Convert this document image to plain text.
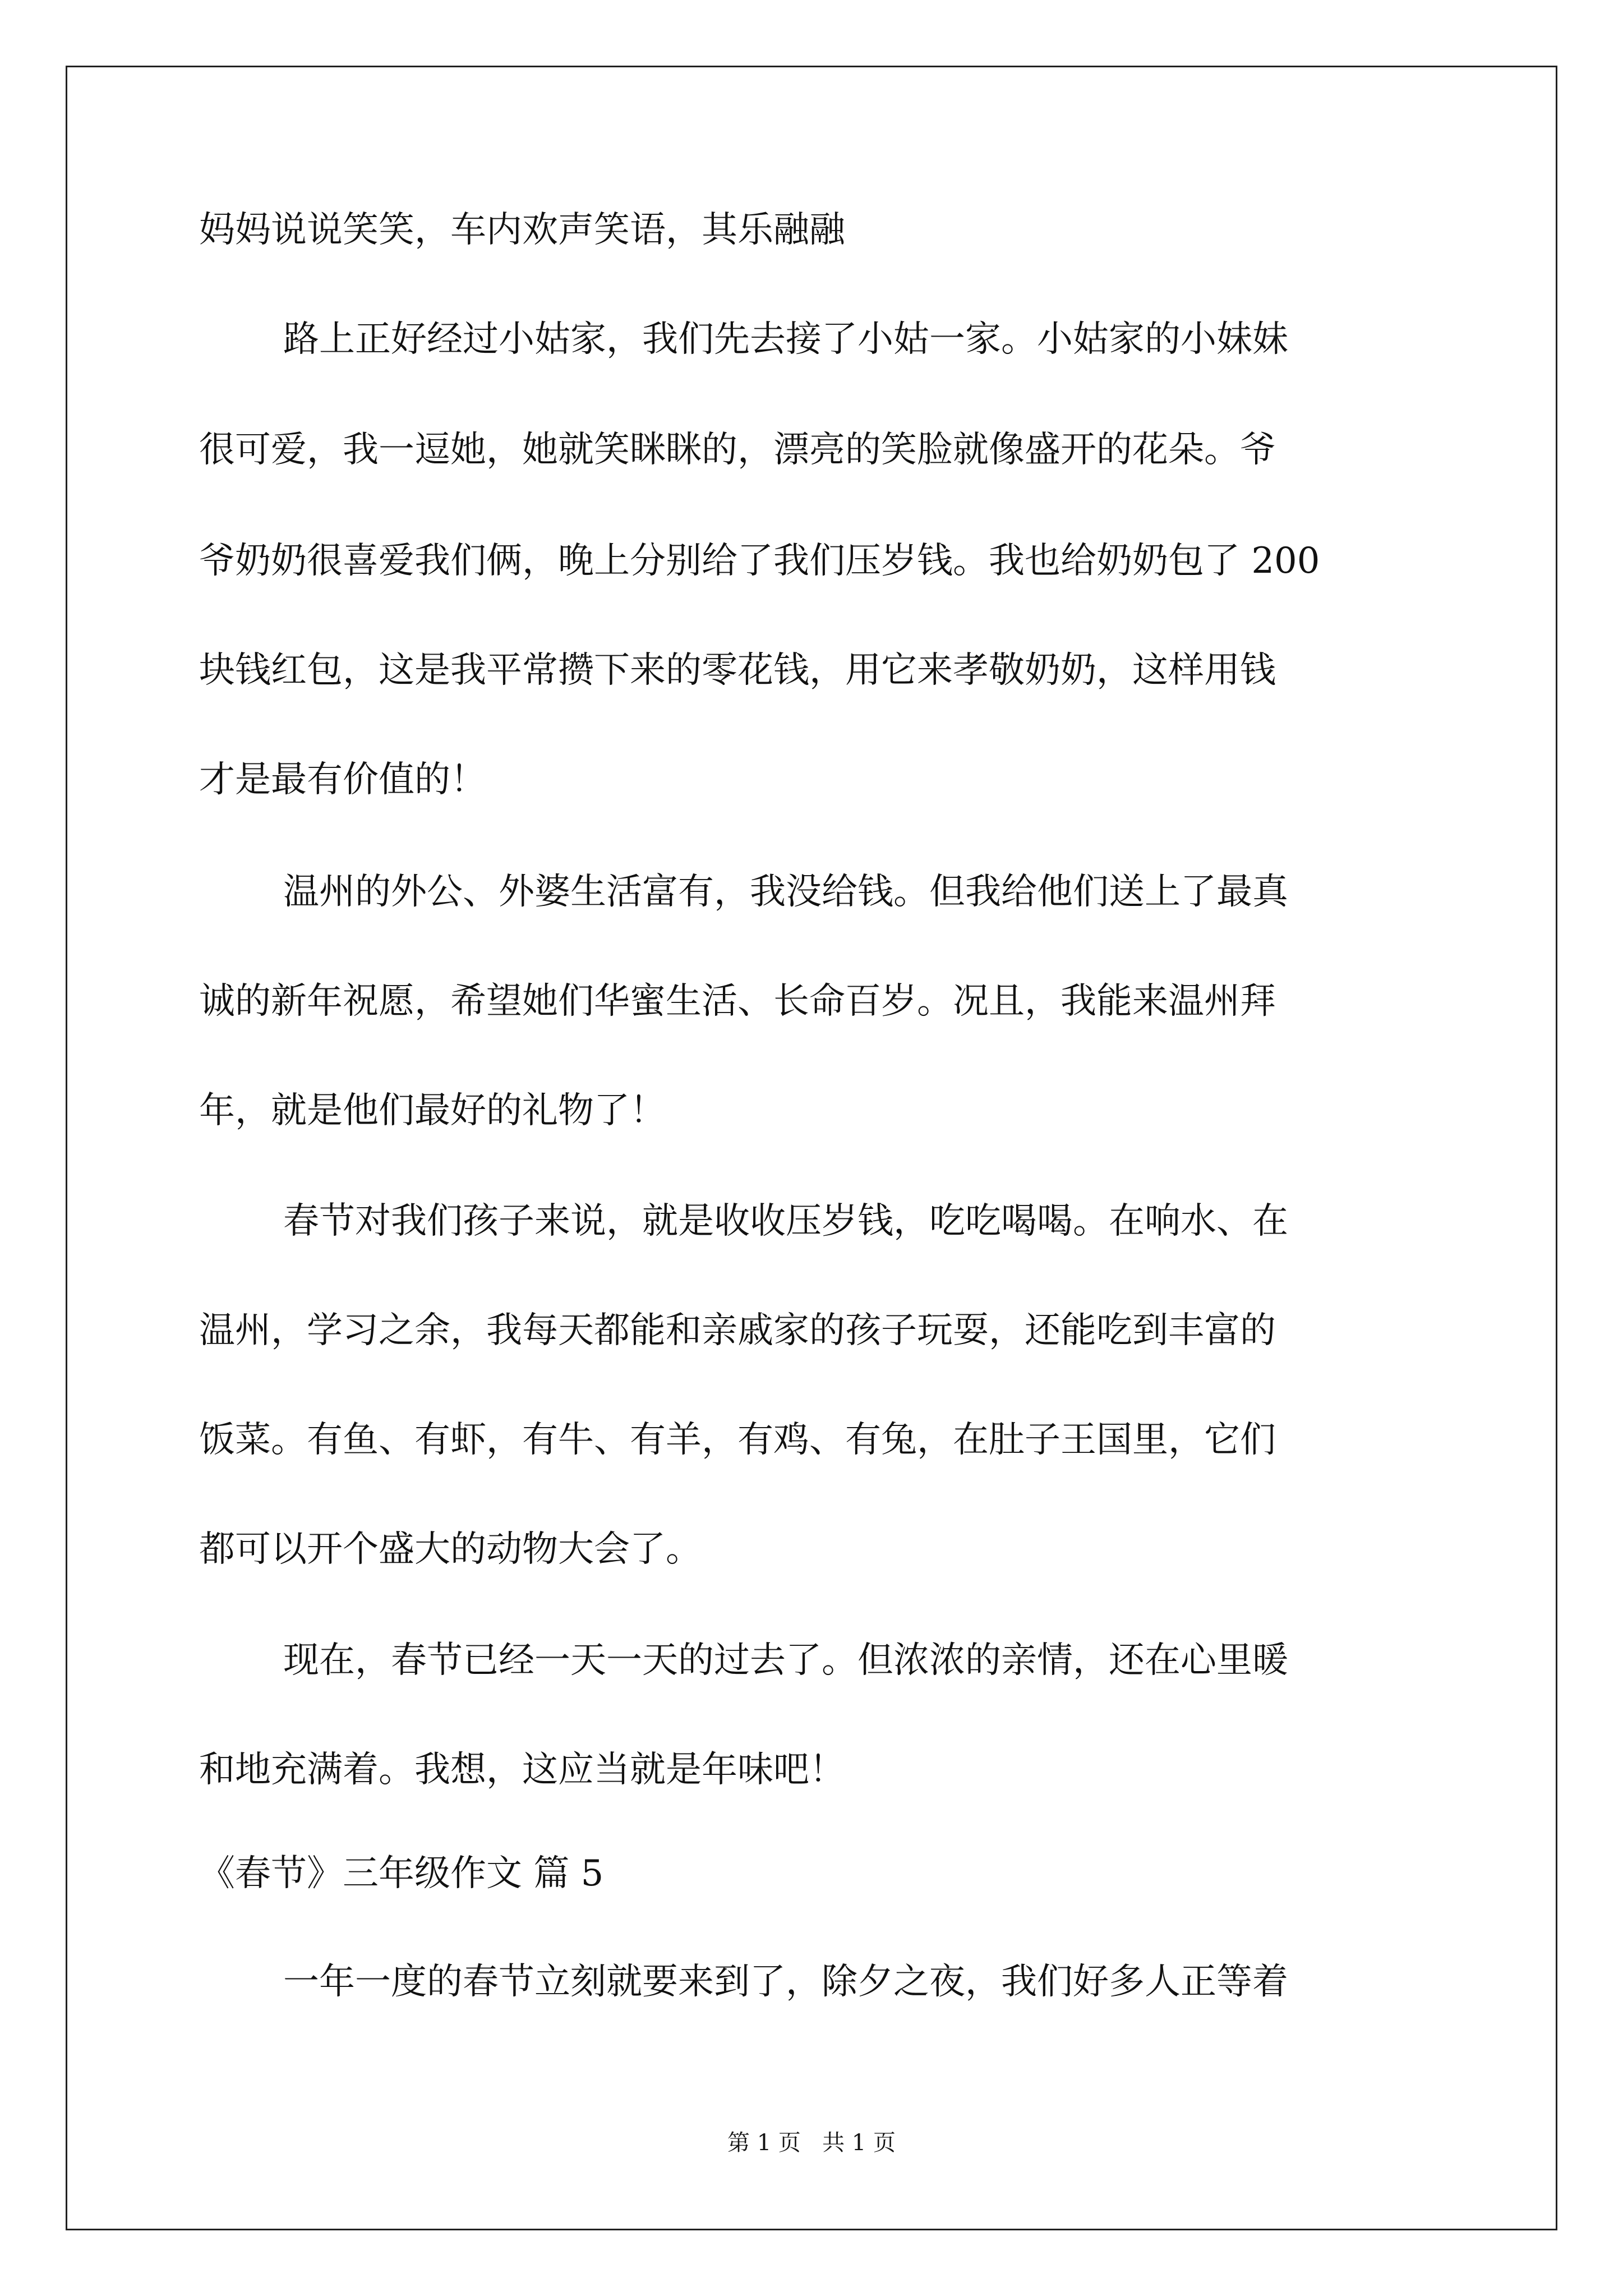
妈妈说说笑笑，车内欢声笑语，其乐融融
路上正好经过小姑家，我们先去接了小姑一家。小姑家的小妹妹
很可爱，我一逗她，她就笑眯眯的，漂亮的笑脸就像盛开的花朵。爷
爷奶奶很喜爱我们俩，晚上分别给了我们压岁钱。我也给奶奶包了 200
块钱红包，这是我平常攒下来的零花钱，用它来孝敬奶奶，这样用钱
才是最有价值的！
温州的外公、外婆生活富有，我没给钱。但我给他们送上了最真
诚的新年祝愿，希望她们华蜜生活、长命百岁。况且，我能来温州拜
年，就是他们最好的礼物了！
春节对我们孩子来说，就是收收压岁钱，吃吃喝喝。在响水、在
温州，学习之余，我每天都能和亲戚家的孩子玩耍，还能吃到丰富的
饭菜。有鱼、有虾，有牛、有羊，有鸡、有兔，在肚子王国里，它们
都可以开个盛大的动物大会了。
现在，春节已经一天一天的过去了。但浓浓的亲情，还在心里暖
和地充满着。我想，这应当就是年味吧！
《春节》三年级作文 篇 5
一年一度的春节立刻就要来到了，除夕之夜，我们好多人正等着
第 1 页   共 1 页
